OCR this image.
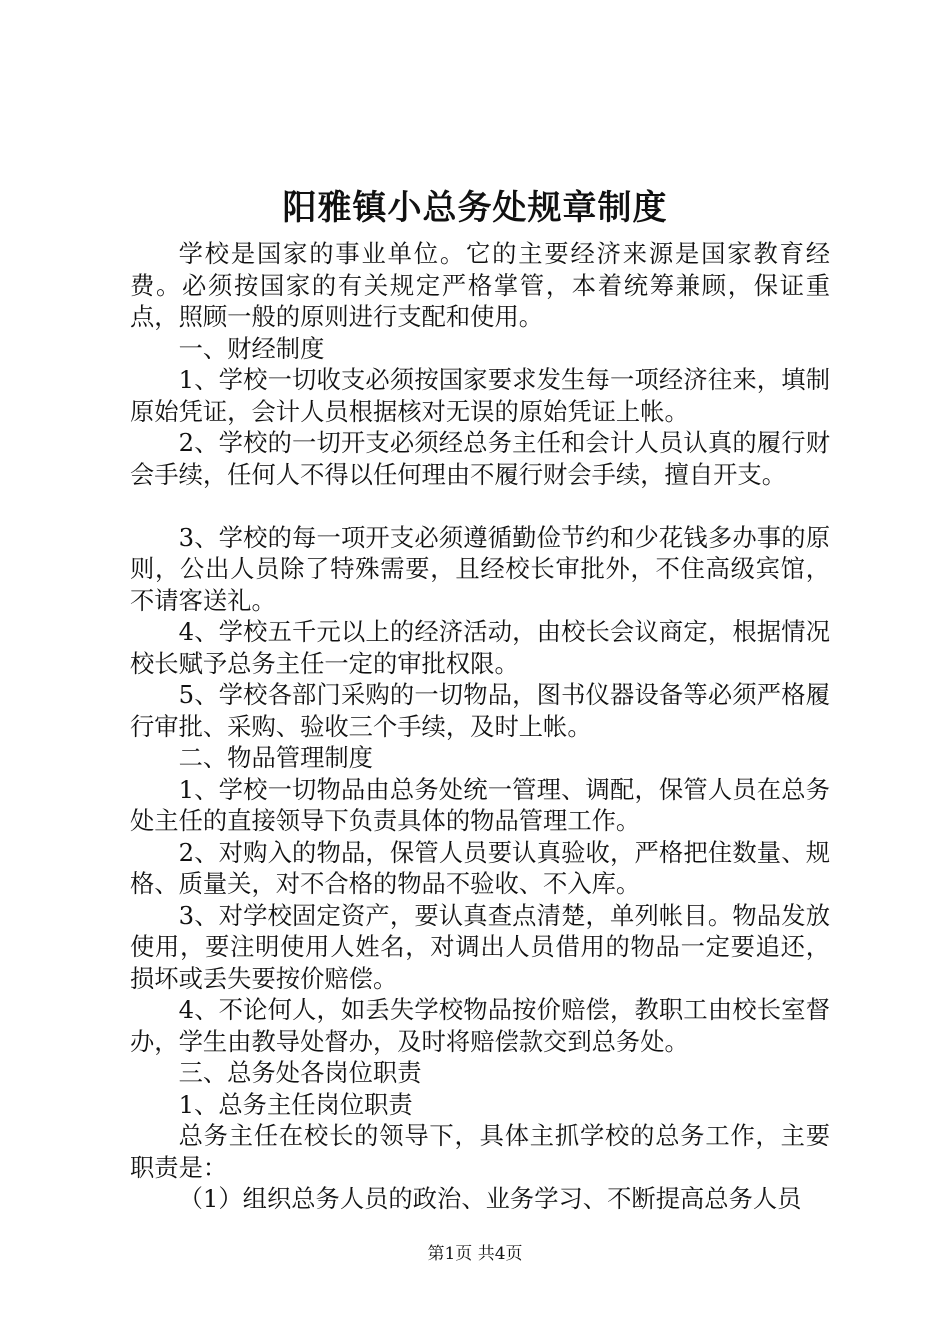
阳雅镇小总务处规章制度

学校是国家的事业单位。它的主要经济来源是国家教育经费。必须按国家的有关规定严格掌管，本着统筹兼顾，保证重点，照顾一般的原则进行支配和使用。

一、财经制度

1、学校一切收支必须按国家要求发生每一项经济往来，填制原始凭证，会计人员根据核对无误的原始凭证上帐。

2、学校的一切开支必须经总务主任和会计人员认真的履行财会手续，任何人不得以任何理由不履行财会手续，擅自开支。

3、学校的每一项开支必须遵循勤俭节约和少花钱多办事的原则，公出人员除了特殊需要，且经校长审批外，不住高级宾馆，不请客送礼。

4、学校五千元以上的经济活动，由校长会议商定，根据情况校长赋予总务主任一定的审批权限。

5、学校各部门采购的一切物品，图书仪器设备等必须严格履行审批、采购、验收三个手续，及时上帐。

二、物品管理制度

1、学校一切物品由总务处统一管理、调配，保管人员在总务处主任的直接领导下负责具体的物品管理工作。

2、对购入的物品，保管人员要认真验收，严格把住数量、规格、质量关，对不合格的物品不验收、不入库。

3、对学校固定资产，要认真查点清楚，单列帐目。物品发放使用，要注明使用人姓名，对调出人员借用的物品一定要追还，损坏或丢失要按价赔偿。

4、不论何人，如丢失学校物品按价赔偿，教职工由校长室督办，学生由教导处督办，及时将赔偿款交到总务处。

三、总务处各岗位职责

1、总务主任岗位职责

总务主任在校长的领导下，具体主抓学校的总务工作，主要职责是：

（1）组织总务人员的政治、业务学习、不断提高总务人员

第1页 共4页
